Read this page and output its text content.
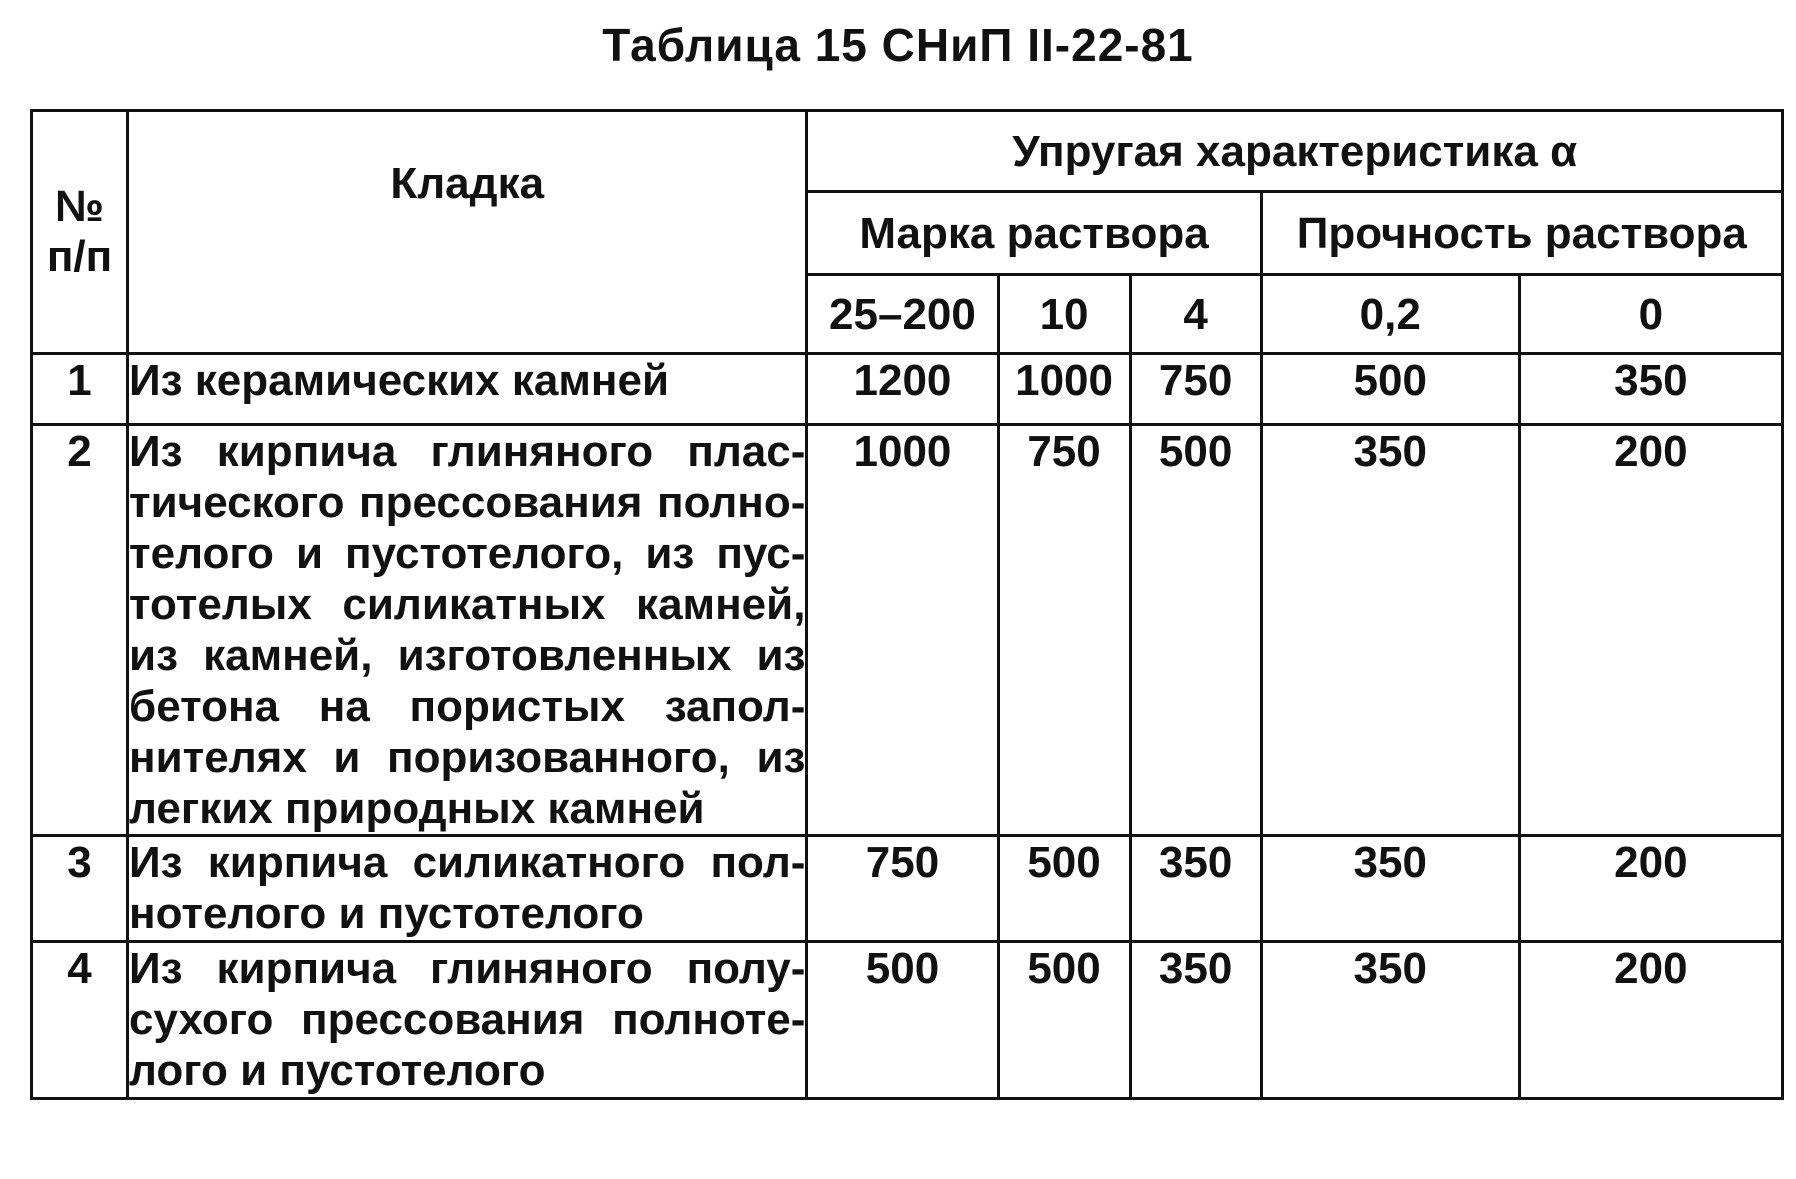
Таблица 15 СНиП II-22-81
№
п/п	Кладка	Упругая характеристика α				
		Марка раствора			Прочность раствора	
		25–200	10	4	0,2	0
1	Из керамических камней	1200	1000	750	500	350
2	Из кирпича глиняного пластического прессования полнотелого и пустотелого, из пустотелых силикатных камней, из камней, изготовленных из бетона на пористых заполнителях и поризованного, из легких природных камней	1000	750	500	350	200
3	Из кирпича силикатного полнотелого и пустотелого	750	500	350	350	200
4	Из кирпича глиняного полусухого прессования полнотелого и пустотелого	500	500	350	350	200
